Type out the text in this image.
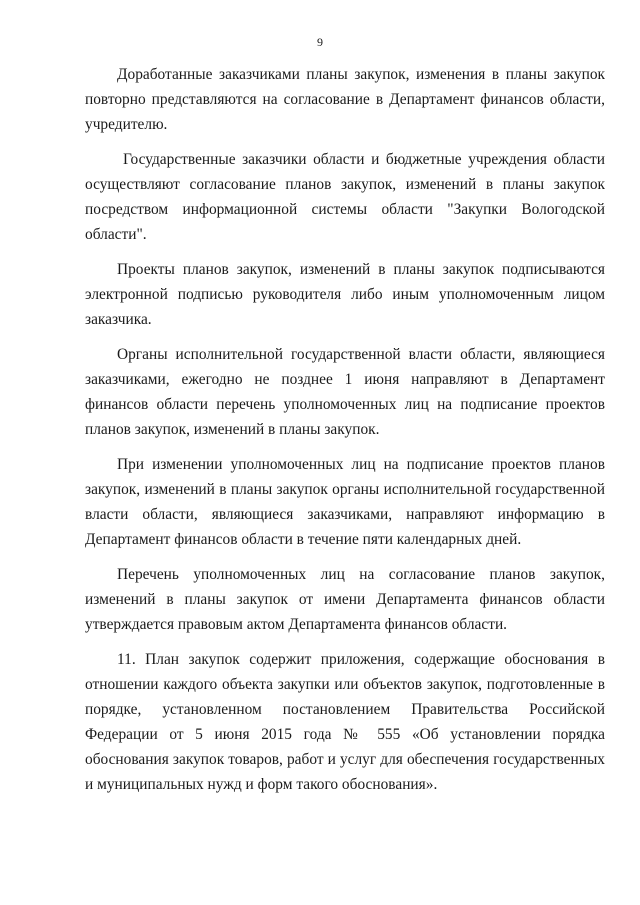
9

Доработанные заказчиками планы закупок, изменения в планы закупок повторно представляются на согласование в Департамент финансов области, учредителю.

Государственные заказчики области и бюджетные учреждения области осуществляют согласование планов закупок, изменений в планы закупок посредством информационной системы области "Закупки Вологодской области".

Проекты планов закупок, изменений в планы закупок подписываются электронной подписью руководителя либо иным уполномоченным лицом заказчика.

Органы исполнительной государственной власти области, являющиеся заказчиками, ежегодно не позднее 1 июня направляют в Департамент финансов области перечень уполномоченных лиц на подписание проектов планов закупок, изменений в планы закупок.

При изменении уполномоченных лиц на подписание проектов планов закупок, изменений в планы закупок органы исполнительной государственной власти области, являющиеся заказчиками, направляют информацию в Департамент финансов области в течение пяти календарных дней.

Перечень уполномоченных лиц на согласование планов закупок, изменений в планы закупок от имени Департамента финансов области утверждается правовым актом Департамента финансов области.

11. План закупок содержит приложения, содержащие обоснования в отношении каждого объекта закупки или объектов закупок, подготовленные в порядке, установленном постановлением Правительства Российской Федерации от 5 июня 2015 года № 555 «Об установлении порядка обоснования закупок товаров, работ и услуг для обеспечения государственных и муниципальных нужд и форм такого обоснования».
